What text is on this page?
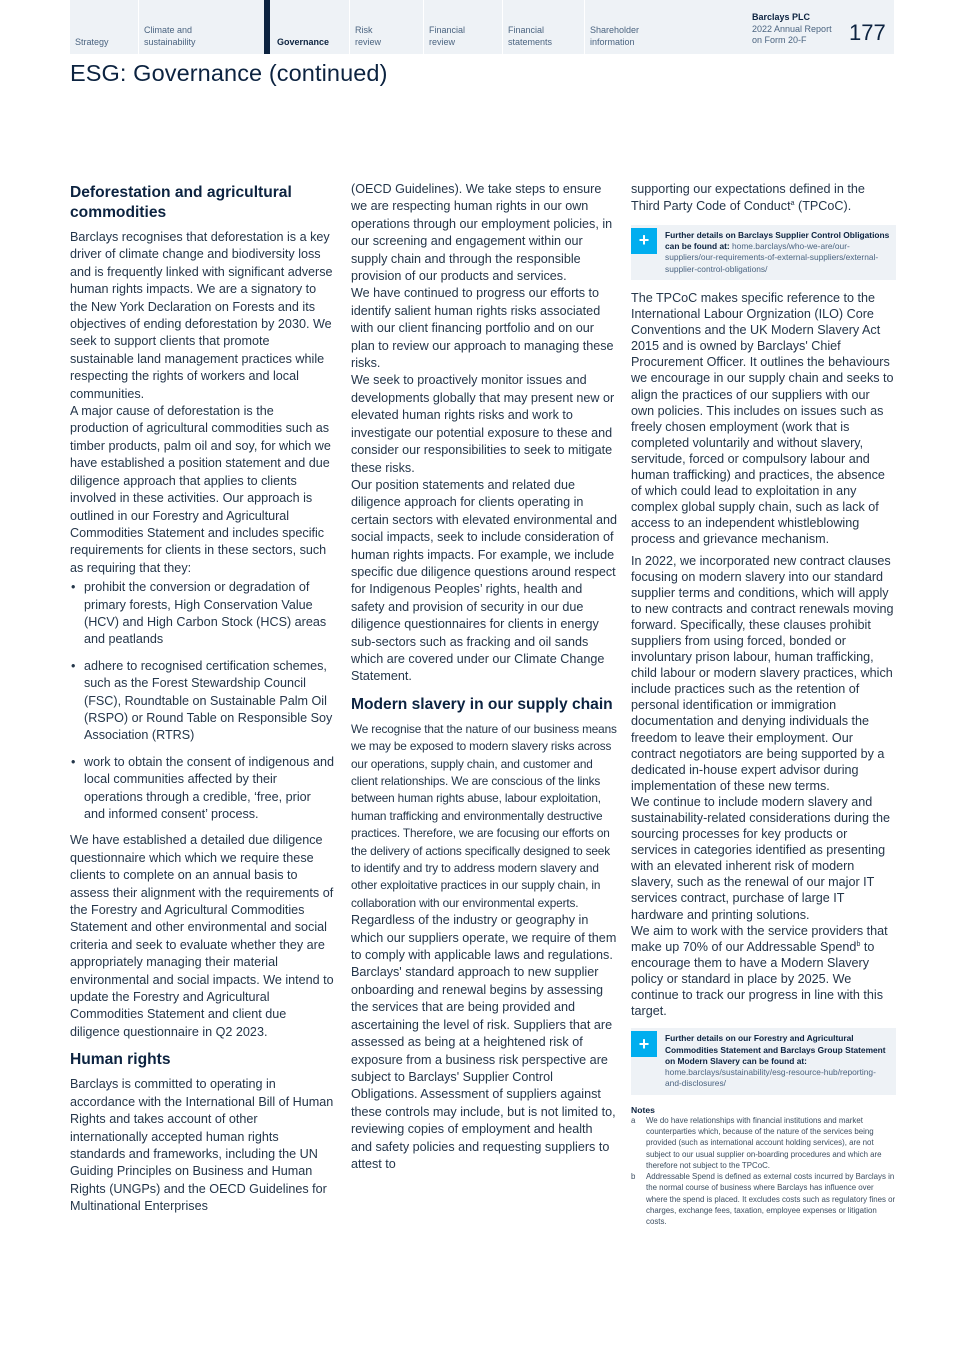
Strategy
Climate and sustainability	Governance
Risk review
Financial review
Financial statements
Shareholder information
Barclays PLC
2022 Annual Report
on Form 20-F	177
ESG: Governance (continued)
Deforestation and agricultural commodities

Barclays recognises that deforestation is a key driver of climate change and biodiversity loss and is frequently linked with significant adverse human rights impacts. We are a signatory to the New York Declaration on Forests and its objectives of ending deforestation by 2030. We seek to support clients that promote sustainable land management practices while respecting the rights of workers and local communities.

A major cause of deforestation is the production of agricultural commodities such as timber products, palm oil and soy, for which we have established a position statement and due diligence approach that applies to clients involved in these activities. Our approach is outlined in our Forestry and Agricultural Commodities Statement and includes specific requirements for clients in these sectors, such as requiring that they:

• prohibit the conversion or degradation of primary forests, High Conservation Value (HCV) and High Carbon Stock (HCS) areas and peatlands
• adhere to recognised certification schemes, such as the Forest Stewardship Council (FSC), Roundtable on Sustainable Palm Oil (RSPO) or Round Table on Responsible Soy Association (RTRS)
• work to obtain the consent of indigenous and local communities affected by their operations through a credible, ‘free, prior and informed consent’ process.

We have established a detailed due diligence questionnaire which which we require these clients to complete on an annual basis to assess their alignment with the requirements of the Forestry and Agricultural Commodities Statement and other environmental and social criteria and seek to evaluate whether they are appropriately managing their material environmental and social impacts. We intend to update the Forestry and Agricultural Commodities Statement and client due diligence questionnaire in Q2 2023.

Human rights

Barclays is committed to operating in accordance with the International Bill of Human Rights and takes account of other internationally accepted human rights standards and frameworks, including the UN Guiding Principles on Business and Human Rights (UNGPs) and the OECD Guidelines for Multinational Enterprises

(OECD Guidelines). We take steps to ensure we are respecting human rights in our own operations through our employment policies, in our screening and engagement within our supply chain and through the responsible provision of our products and services.

We have continued to progress our efforts to identify salient human rights risks associated with our client financing portfolio and on our plan to review our approach to managing these risks.

We seek to proactively monitor issues and developments globally that may present new or elevated human rights risks and work to investigate our potential exposure to these and consider our responsibilities to seek to mitigate these risks.

Our position statements and related due diligence approach for clients operating in certain sectors with elevated environmental and social impacts, seek to include consideration of human rights impacts. For example, we include specific due diligence questions around respect for Indigenous Peoples’ rights, health and safety and provision of security in our due diligence questionnaires for clients in energy sub-sectors such as fracking and oil sands which are covered under our Climate Change Statement.

Modern slavery in our supply chain

We recognise that the nature of our business means we may be exposed to modern slavery risks across our operations, supply chain, and customer and client relationships. We are conscious of the links between human rights abuse, labour exploitation, human trafficking and environmentally destructive practices. Therefore, we are focusing our efforts on the delivery of actions specifically designed to seek to identify and try to address modern slavery and other exploitative practices in our supply chain, in collaboration with our environmental experts.

Regardless of the industry or geography in which our suppliers operate, we require of them to comply with applicable laws and regulations. Barclays' standard approach to new supplier onboarding and renewal begins by assessing the services that are being provided and ascertaining the level of risk. Suppliers that are assessed as being at a heightened risk of exposure from a business risk perspective are subject to Barclays' Supplier Control Obligations. Assessment of suppliers against these controls may include, but is not limited to, reviewing copies of employment and health and safety policies and requesting suppliers to attest to

supporting our expectations defined in the Third Party Code of Conduct$^a$ (TPCoC).

+	Further details on Barclays Supplier Control Obligations can be found at: home.barclays/who-we-are/our-suppliers/our-requirements-of-external-suppliers/external-supplier-control-obligations/

The TPCoC makes specific reference to the International Labour Orgnization (ILO) Core Conventions and the UK Modern Slavery Act 2015 and is owned by Barclays' Chief Procurement Officer. It outlines the behaviours we encourage in our supply chain and seeks to align the practices of our suppliers with our own policies. This includes on issues such as freely chosen employment (work that is completed voluntarily and without slavery, servitude, forced or compulsory labour and human trafficking) and practices, the absence of which could lead to exploitation in any complex global supply chain, such as lack of access to an independent whistleblowing process and grievance mechanism.

In 2022, we incorporated new contract clauses focusing on modern slavery into our standard supplier terms and conditions, which will apply to new contracts and contract renewals moving forward. Specifically, these clauses prohibit suppliers from using forced, bonded or involuntary prison labour, human trafficking, child labour or modern slavery practices, which include practices such as the retention of personal identification or immigration documentation and denying individuals the freedom to leave their employment. Our contract negotiators are being supported by a dedicated in-house expert advisor during implementation of these new terms.

We continue to include modern slavery and sustainability-related considerations during the sourcing processes for key products or services in categories identified as presenting with an elevated inherent risk of modern slavery, such as the renewal of our major IT services contract, purchase of large IT hardware and printing solutions.

We aim to work with the service providers that make up 70% of our Addressable Spend$^b$ to encourage them to have a Modern Slavery policy or standard in place by 2025. We continue to track our progress in line with this target.

+	Further details on our Forestry and Agricultural Commodities Statement and Barclays Group Statement on Modern Slavery can be found at: home.barclays/sustainability/esg-resource-hub/reporting-and-disclosures/
Notes
a	We do have relationships with financial institutions and market counterparties which, because of the nature of the services being provided (such as international account holding services), are not subject to our usual supplier on-boarding procedures and which are therefore not subject to the TPCoC.
b	Addressable Spend is defined as external costs incurred by Barclays in the normal course of business where Barclays has influence over where the spend is placed. It excludes costs such as regulatory fines or charges, exchange fees, taxation, employee expenses or litigation costs.
